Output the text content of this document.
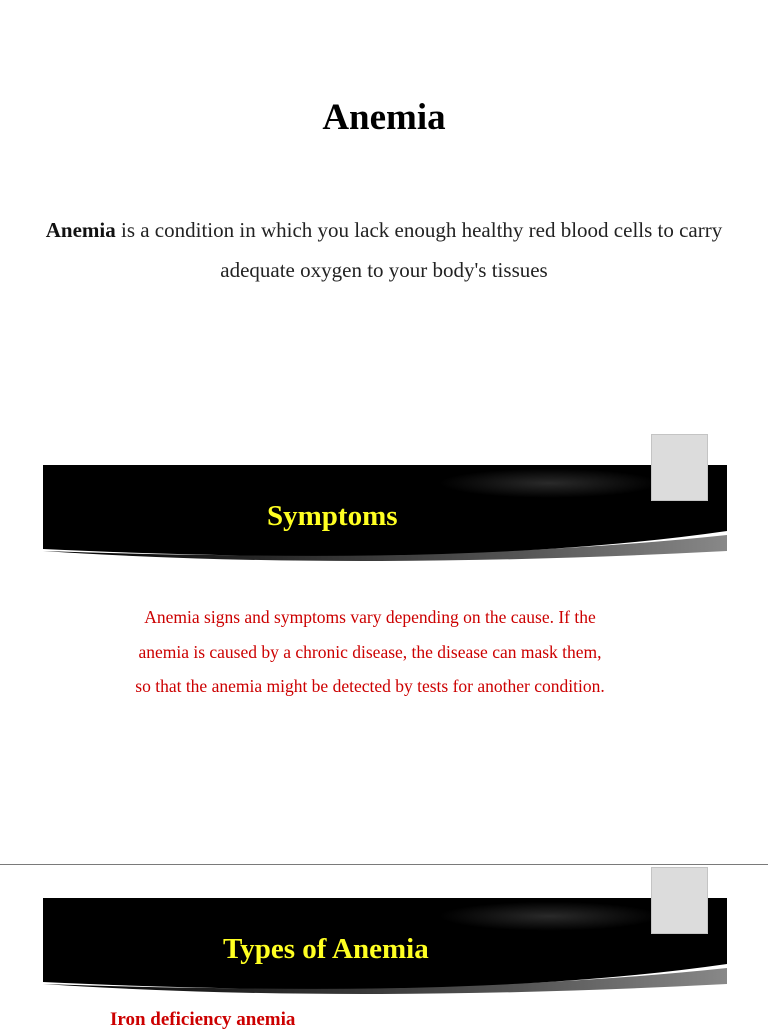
Anemia

Anemia is a condition in which you lack enough healthy red blood cells to carry adequate oxygen to your body's tissues

Symptoms

Anemia signs and symptoms vary depending on the cause. If the anemia is caused by a chronic disease, the disease can mask them, so that the anemia might be detected by tests for another condition.

Types of Anemia
Iron deficiency anemia
